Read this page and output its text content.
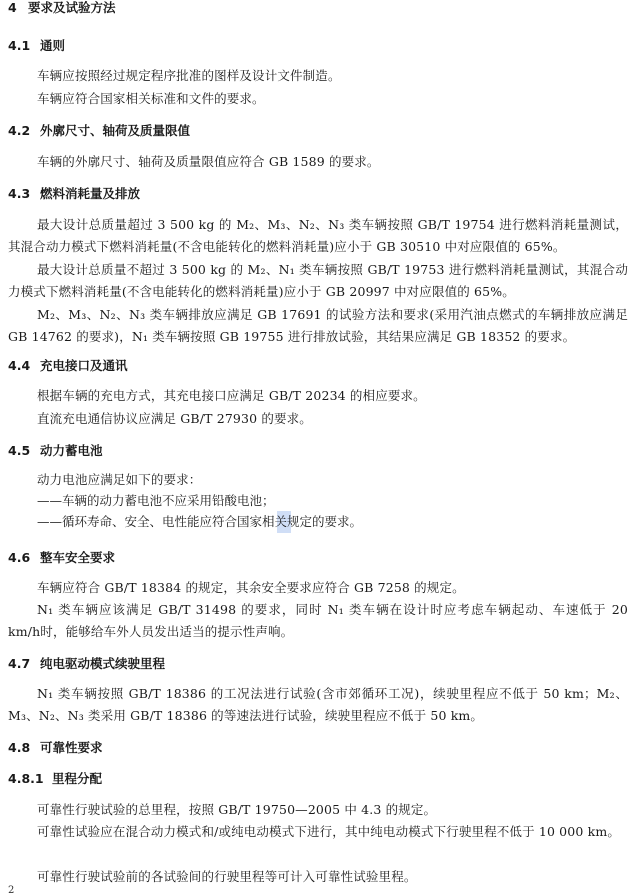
4 要求及试验方法
4.1 通则
车辆应按照经过规定程序批准的图样及设计文件制造。
车辆应符合国家相关标准和文件的要求。
4.2 外廓尺寸、轴荷及质量限值
车辆的外廓尺寸、轴荷及质量限值应符合 GB 1589 的要求。
4.3 燃料消耗量及排放
最大设计总质量超过 3 500 kg 的 M₂、M₃、N₂、N₃ 类车辆按照 GB/T 19754 进行燃料消耗量测试，其混合动力模式下燃料消耗量(不含电能转化的燃料消耗量)应小于 GB 30510 中对应限值的 65%。
最大设计总质量不超过 3 500 kg 的 M₂、N₁ 类车辆按照 GB/T 19753 进行燃料消耗量测试，其混合动力模式下燃料消耗量(不含电能转化的燃料消耗量)应小于 GB 20997 中对应限值的 65%。
M₂、M₃、N₂、N₃ 类车辆排放应满足 GB 17691 的试验方法和要求(采用汽油点燃式的车辆排放应满足 GB 14762 的要求)，N₁ 类车辆按照 GB 19755 进行排放试验，其结果应满足 GB 18352 的要求。
4.4 充电接口及通讯
根据车辆的充电方式，其充电接口应满足 GB/T 20234 的相应要求。
直流充电通信协议应满足 GB/T 27930 的要求。
4.5 动力蓄电池
动力电池应满足如下的要求：
——车辆的动力蓄电池不应采用铅酸电池；
——循环寿命、安全、电性能应符合国家相关规定的要求。
4.6 整车安全要求
车辆应符合 GB/T 18384 的规定，其余安全要求应符合 GB 7258 的规定。
N₁ 类车辆应该满足 GB/T 31498 的要求，同时 N₁ 类车辆在设计时应考虑车辆起动、车速低于 20 km/h时，能够给车外人员发出适当的提示性声响。
4.7 纯电驱动模式续驶里程
N₁ 类车辆按照 GB/T 18386 的工况法进行试验(含市郊循环工况)，续驶里程应不低于 50 km；M₂、M₃、N₂、N₃ 类采用 GB/T 18386 的等速法进行试验，续驶里程应不低于 50 km。
4.8 可靠性要求
4.8.1 里程分配
可靠性行驶试验的总里程，按照 GB/T 19750—2005 中 4.3 的规定。
可靠性试验应在混合动力模式和/或纯电动模式下进行，其中纯电动模式下行驶里程不低于 10 000 km。
可靠性行驶试验前的各试验间的行驶里程等可计入可靠性试验里程。
2
